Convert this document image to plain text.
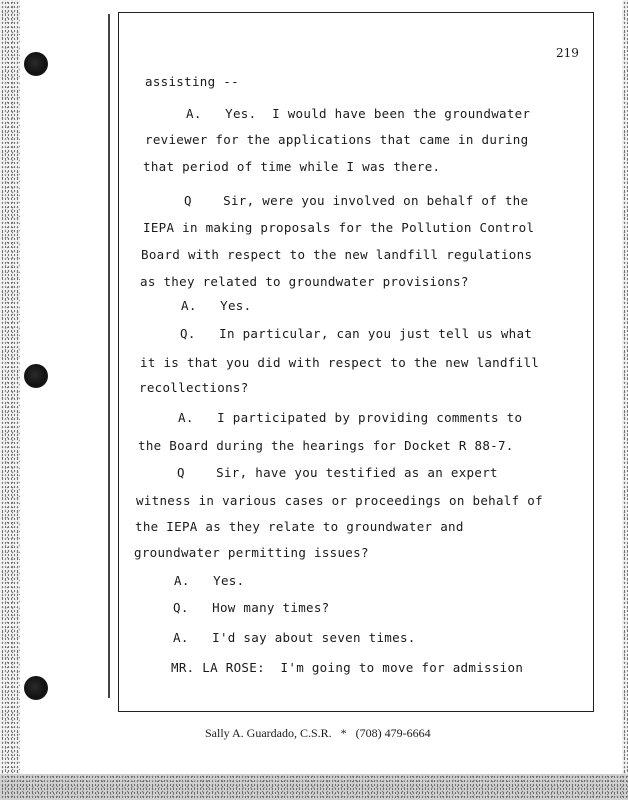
219
assisting --
A.   Yes.  I would have been the groundwater
reviewer for the applications that came in during
that period of time while I was there.
Q    Sir, were you involved on behalf of the
IEPA in making proposals for the Pollution Control
Board with respect to the new landfill regulations
as they related to groundwater provisions?
A.   Yes.
Q.   In particular, can you just tell us what
it is that you did with respect to the new landfill
recollections?
A.   I participated by providing comments to
the Board during the hearings for Docket R 88-7.
Q    Sir, have you testified as an expert
witness in various cases or proceedings on behalf of
the IEPA as they relate to groundwater and
groundwater permitting issues?
A.   Yes.
Q.   How many times?
A.   I'd say about seven times.
MR. LA ROSE:  I'm going to move for admission
Sally A. Guardado, C.S.R.   *   (708) 479-6664
